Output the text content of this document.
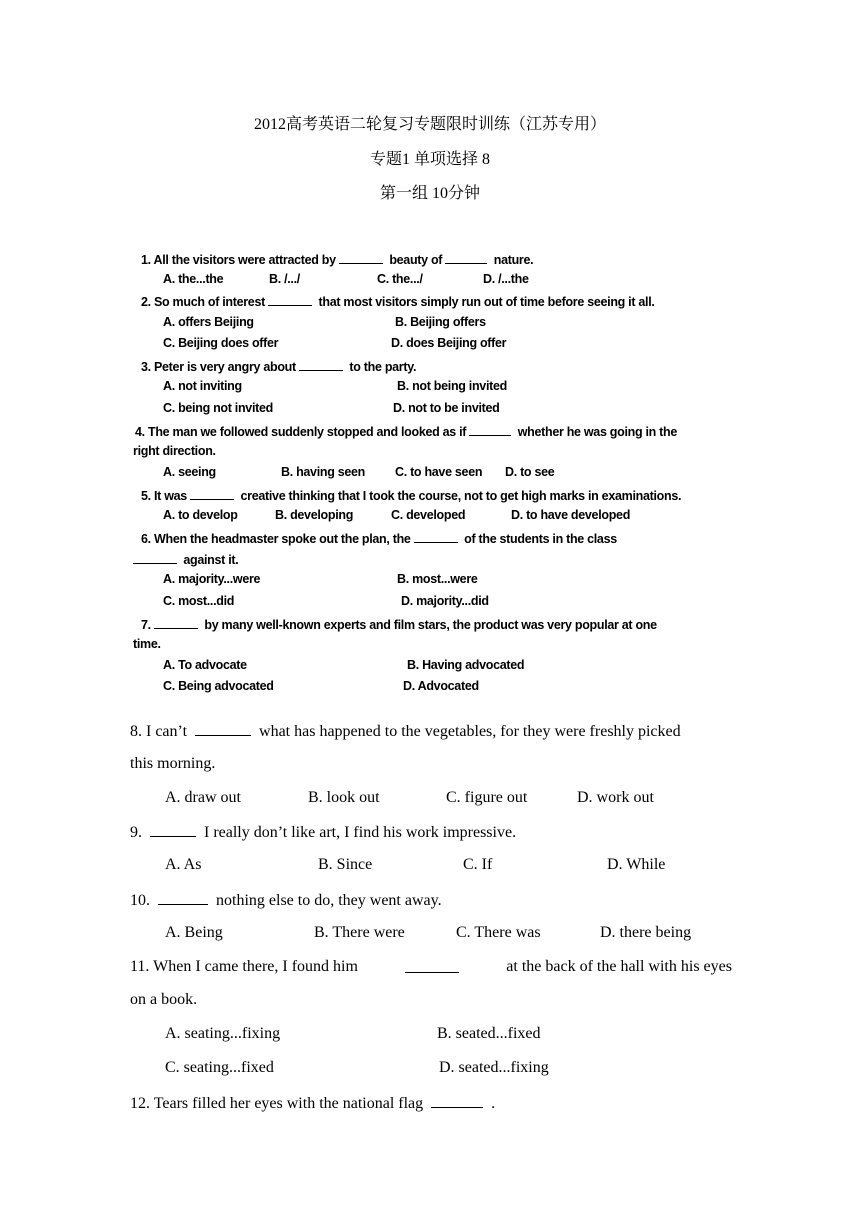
2012高考英语二轮复习专题限时训练（江苏专用）
专题1 单项选择 8
第一组 10分钟
1. All the visitors were attracted by	beauty of	nature.
A. the...the	B. /.../	C. the.../	D. /...the
2. So much of interest	that most visitors simply run out of time before seeing it all.
A. offers Beijing	B. Beijing offers
C. Beijing does offer	D. does Beijing offer
3. Peter is very angry about	to the party.
A. not inviting	B. not being invited
C. being not invited	D. not to be invited
4. The man we followed suddenly stopped and looked as if	whether he was going in the
right direction.
A. seeing	B. having seen C. to have seen D. to see
5. It was	creative thinking that I took the course, not to get high marks in examinations.
A. to develop	B. developing	C. developed	D. to have developed
6. When the headmaster spoke out the plan, the	of the students in the class
against it.
A. majority...were	B. most...were
C. most...did	D. majority...did
7.	by many well-known experts and film stars, the product was very popular at one
time.
A. To advocate	B. Having advocated
C. Being advocated	D. Advocated
8. I can’t	what has happened to the vegetables, for they were freshly picked
this morning.
A. draw out	B. look out	C. figure out	D. work out
9.	I really don’t like art, I find his work impressive.
A. As	B. Since	C. If	D. While
10.	nothing else to do, they went away.
A. Being	B. There were	C. There was	D. there being
11. When I came there, I found him	at the back of the hall with his eyes
on a book.
A. seating...fixing	B. seated...fixed
C. seating...fixed	D. seated...fixing
12. Tears filled her eyes with the national flag	.
